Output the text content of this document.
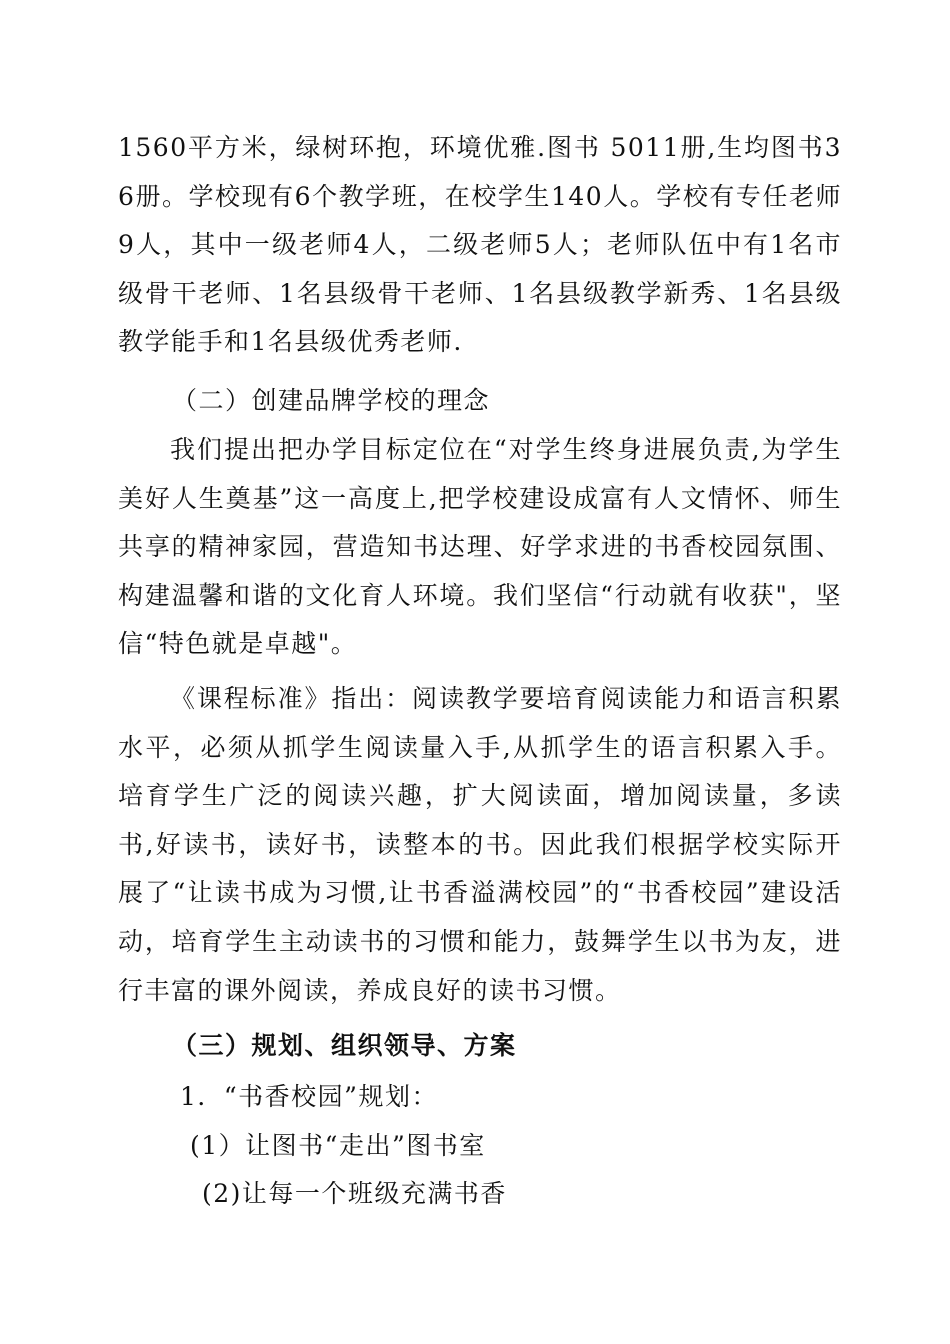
1560平方米，绿树环抱，环境优雅.图书 5011册,生均图书36册。学校现有6个教学班，在校学生140人。学校有专任老师9人，其中一级老师4人，二级老师5人；老师队伍中有1名市级骨干老师、1名县级骨干老师、1名县级教学新秀、1名县级教学能手和1名县级优秀老师.

（二）创建品牌学校的理念

我们提出把办学目标定位在“对学生终身进展负责,为学生美好人生奠基”这一高度上,把学校建设成富有人文情怀、师生共享的精神家园，营造知书达理、好学求进的书香校园氛围、构建温馨和谐的文化育人环境。我们坚信“行动就有收获"，坚信“特色就是卓越"。

《课程标准》指出：阅读教学要培育阅读能力和语言积累水平，必须从抓学生阅读量入手,从抓学生的语言积累入手。培育学生广泛的阅读兴趣，扩大阅读面，增加阅读量，多读书,好读书，读好书，读整本的书。因此我们根据学校实际开展了“让读书成为习惯,让书香溢满校园”的“书香校园”建设活动，培育学生主动读书的习惯和能力，鼓舞学生以书为友，进行丰富的课外阅读，养成良好的读书习惯。

（三）规划、组织领导、方案

1．“书香校园”规划：

(1）让图书“走出”图书室

(2)让每一个班级充满书香
